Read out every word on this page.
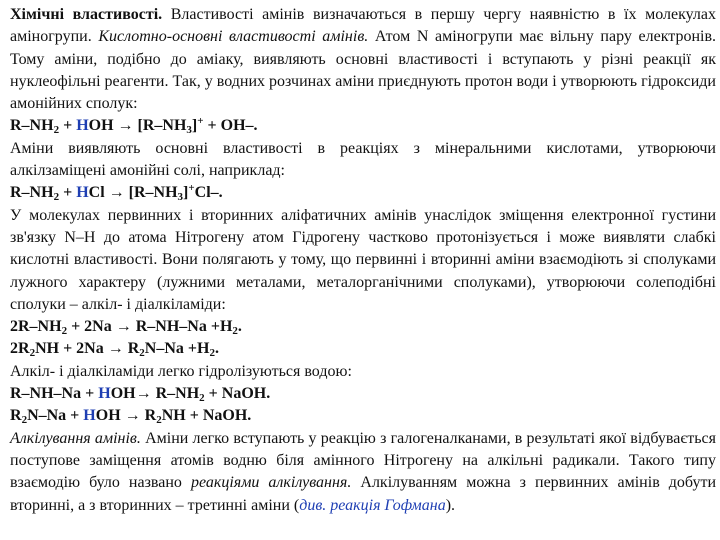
Хімічні властивості. Властивості амінів визначаються в першу чергу наявністю в їх молекулах аміногрупи. Кислотно-основні властивості амінів. Атом N аміногрупи має вільну пару електронів. Тому аміни, подібно до аміаку, виявляють основні властивості і вступають у різні реакції як нуклеофільні реагенти. Так, у водних розчинах аміни приєднують протон води і утворюють гідроксиди амонійних сполук:

$R-NH_2$ + HOH → $[R-NH_3]^+ + OH-$.

Аміни виявляють основні властивості в реакціях з мінеральними кислотами, утворюючи алкілзаміщені амонійні солі, наприклад:

$R-NH_2$ + HCl → $[R-NH_3]^+Cl-$.

У молекулах первинних і вторинних аліфатичних амінів унаслідок зміщення електронної густини зв'язку N–H до атома Нітрогену атом Гідрогену частково протонізується і може виявляти слабкі кислотні властивості. Вони полягають у тому, що первинні і вторинні аміни взаємодіють зі сполуками лужного характеру (лужними металами, металорганічними сполуками), утворюючи солеподібні сполуки – алкіл- і діалкіламіди:

$2R-NH_2 + 2Na \to R-NH-Na +H_2$.

$2R_2NH + 2Na \to R_2N-Na +H_2$.

Алкіл- і діалкіламіди легко гідролізуються водою:

$R-NH-Na + HOH\to R-NH_2$ + NaOH.

$R_2N-Na$ + HOH → $R_2NH$ + NaOH.

Алкілування амінів. Аміни легко вступають у реакцію з галогеналканами, в результаті якої відбувається поступове заміщення атомів водню біля амінного Нітрогену на алкільні радикали. Такого типу взаємодію було названо реакціями алкілування. Алкілуванням можна з первинних амінів добути вторинні, а з вторинних – третинні аміни (див. реакція Гофмана).
